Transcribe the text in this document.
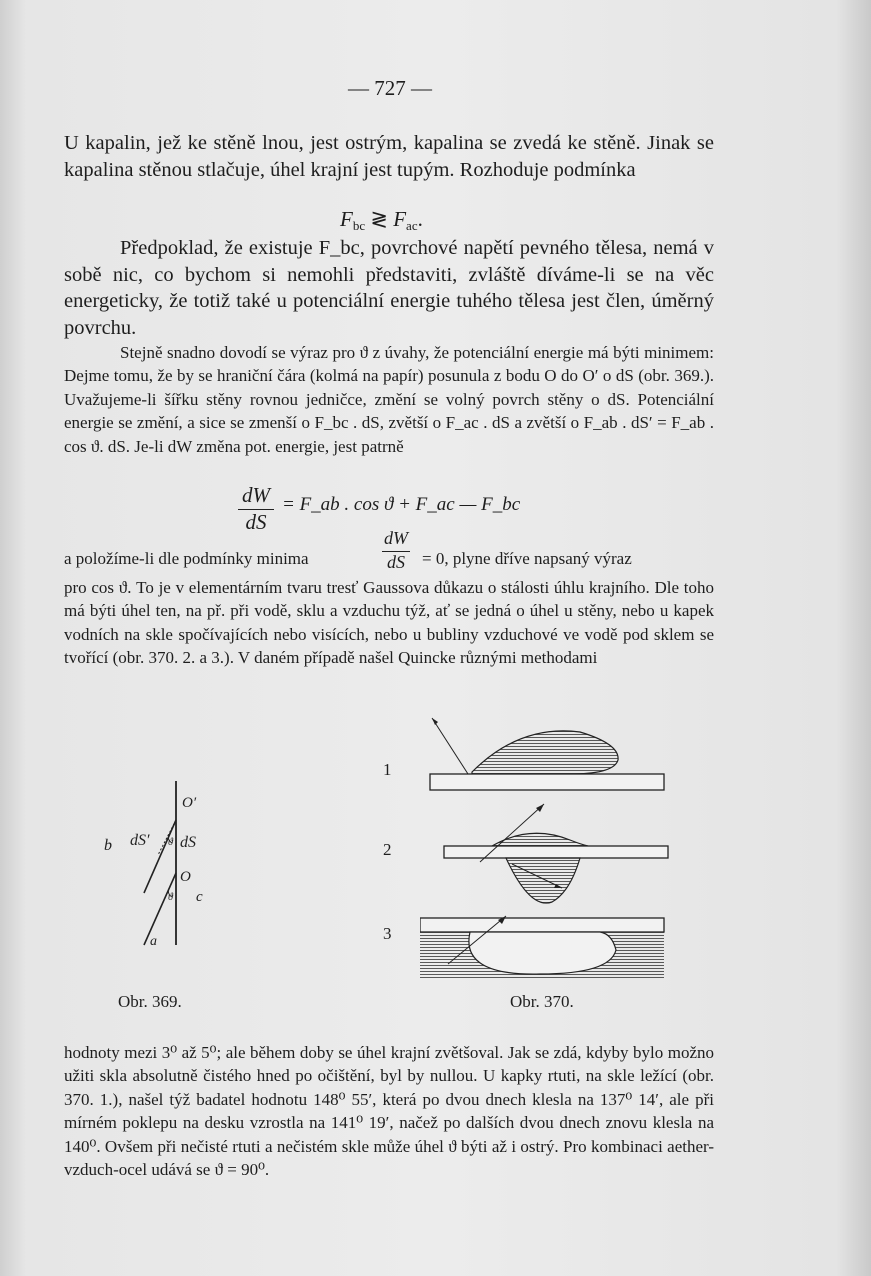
— 727 —
U kapalin, jež ke stěně lnou, jest ostrým, kapalina se zvedá ke stěně. Jinak se kapalina stěnou stlačuje, úhel krajní jest tupým. Rozhoduje podmínka
$F_{bc}$ ≷ $F_{ac}$.
Předpoklad, že existuje F_bc, povrchové napětí pevného tělesa, nemá v sobě nic, co bychom si nemohli představiti, zvláště díváme-li se na věc energeticky, že totiž také u potenciální energie tuhého tělesa jest člen, úměrný povrchu.
Stejně snadno dovodí se výraz pro ϑ z úvahy, že potenciální energie má býti minimem: Dejme tomu, že by se hraniční čára (kolmá na papír) posunula z bodu O do O′ o dS (obr. 369.). Uvažujeme-li šířku stěny rovnou jedničce, změní se volný povrch stěny o dS. Potenciální energie se změní, a sice se zmenší o F_bc . dS, zvětší o F_ac . dS a zvětší o F_ab . dS′ = F_ab . cos ϑ. dS. Je-li dW změna pot. energie, jest patrně
dW
dS
= F_ab . cos ϑ + F_ac — F_bc
a položíme-li dle podmínky minima
dW
dS	= 0, plyne dříve napsaný výraz
pro cos ϑ. To je v elementárním tvaru tresť Gaussova důkazu o stálosti úhlu krajního. Dle toho má býti úhel ten, na př. při vodě, sklu a vzduchu týž, ať se jedná o úhel u stěny, nebo u kapek vodních na skle spočívajících nebo visících, nebo u bubliny vzduchové ve vodě pod sklem se tvořící (obr. 370. 2. a 3.). V daném případě našel Quincke různými methodami
ϑ
ϑ
b dS′
O′
dS
O
c
a
Obr. 369.
1
2
3
Obr. 370.
hodnoty mezi 3⁰ až 5⁰; ale během doby se úhel krajní zvětšoval. Jak se zdá, kdyby bylo možno užiti skla absolutně čistého hned po očištění, byl by nullou. U kapky rtuti, na skle ležící (obr. 370. 1.), našel týž badatel hodnotu 148⁰ 55′, která po dvou dnech klesla na 137⁰ 14′, ale při mírném poklepu na desku vzrostla na 141⁰ 19′, načež po dalších dvou dnech znovu klesla na 140⁰. Ovšem při nečisté rtuti a nečistém skle může úhel ϑ býti až i ostrý. Pro kombinaci aether-vzduch-ocel udává se ϑ = 90⁰.
